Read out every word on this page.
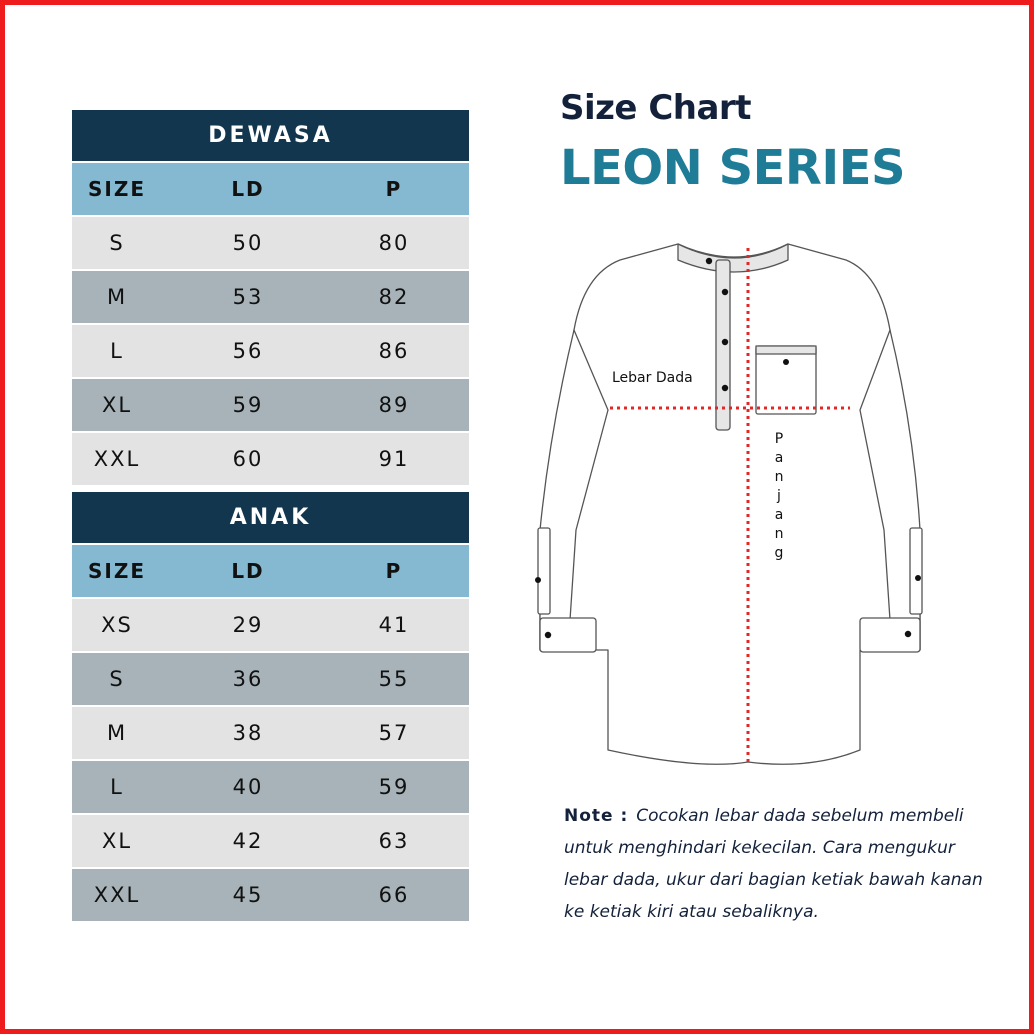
DEWASA
SIZE	LD	P
S	50	80
M	53	82
L	56	86
XL	59	89
XXL	60	91
ANAK
SIZE	LD	P
XS	29	41
S	36	55
M	38	57
L	40	59
XL	42	63
XXL	45	66
Size Chart
LEON SERIES
Lebar Dada
P
a
n
j
a
n
g
Note : Cocokan lebar dada sebelum membeli untuk menghindari kekecilan. Cara mengukur lebar dada, ukur dari bagian ketiak bawah kanan ke ketiak kiri atau sebaliknya.
